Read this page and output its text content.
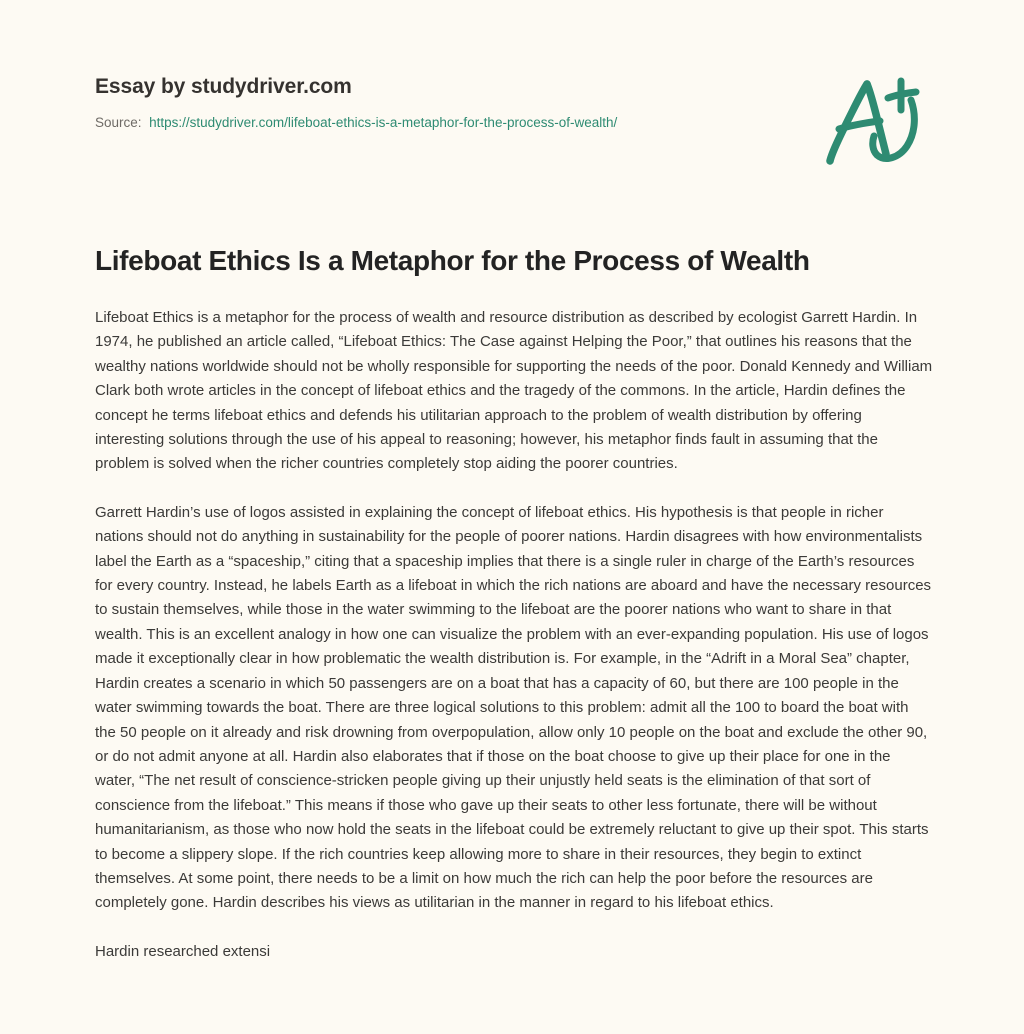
Essay by studydriver.com
Source: https://studydriver.com/lifeboat-ethics-is-a-metaphor-for-the-process-of-wealth/
Lifeboat Ethics Is a Metaphor for the Process of Wealth

Lifeboat Ethics is a metaphor for the process of wealth and resource distribution as described by ecologist Garrett Hardin. In 1974, he published an article called, “Lifeboat Ethics: The Case against Helping the Poor,” that outlines his reasons that the wealthy nations worldwide should not be wholly responsible for supporting the needs of the poor. Donald Kennedy and William Clark both wrote articles in the concept of lifeboat ethics and the tragedy of the commons. In the article, Hardin defines the concept he terms lifeboat ethics and defends his utilitarian approach to the problem of wealth distribution by offering interesting solutions through the use of his appeal to reasoning; however, his metaphor finds fault in assuming that the problem is solved when the richer countries completely stop aiding the poorer countries.

Garrett Hardin’s use of logos assisted in explaining the concept of lifeboat ethics. His hypothesis is that people in richer nations should not do anything in sustainability for the people of poorer nations. Hardin disagrees with how environmentalists label the Earth as a “spaceship,” citing that a spaceship implies that there is a single ruler in charge of the Earth’s resources for every country. Instead, he labels Earth as a lifeboat in which the rich nations are aboard and have the necessary resources to sustain themselves, while those in the water swimming to the lifeboat are the poorer nations who want to share in that wealth. This is an excellent analogy in how one can visualize the problem with an ever-expanding population. His use of logos made it exceptionally clear in how problematic the wealth distribution is. For example, in the “Adrift in a Moral Sea” chapter, Hardin creates a scenario in which 50 passengers are on a boat that has a capacity of 60, but there are 100 people in the water swimming towards the boat. There are three logical solutions to this problem: admit all the 100 to board the boat with the 50 people on it already and risk drowning from overpopulation, allow only 10 people on the boat and exclude the other 90, or do not admit anyone at all. Hardin also elaborates that if those on the boat choose to give up their place for one in the water, “The net result of conscience-stricken people giving up their unjustly held seats is the elimination of that sort of conscience from the lifeboat.” This means if those who gave up their seats to other less fortunate, there will be without humanitarianism, as those who now hold the seats in the lifeboat could be extremely reluctant to give up their spot. This starts to become a slippery slope. If the rich countries keep allowing more to share in their resources, they begin to extinct themselves. At some point, there needs to be a limit on how much the rich can help the poor before the resources are completely gone. Hardin describes his views as utilitarian in the manner in regard to his lifeboat ethics.

Hardin researched extensi
